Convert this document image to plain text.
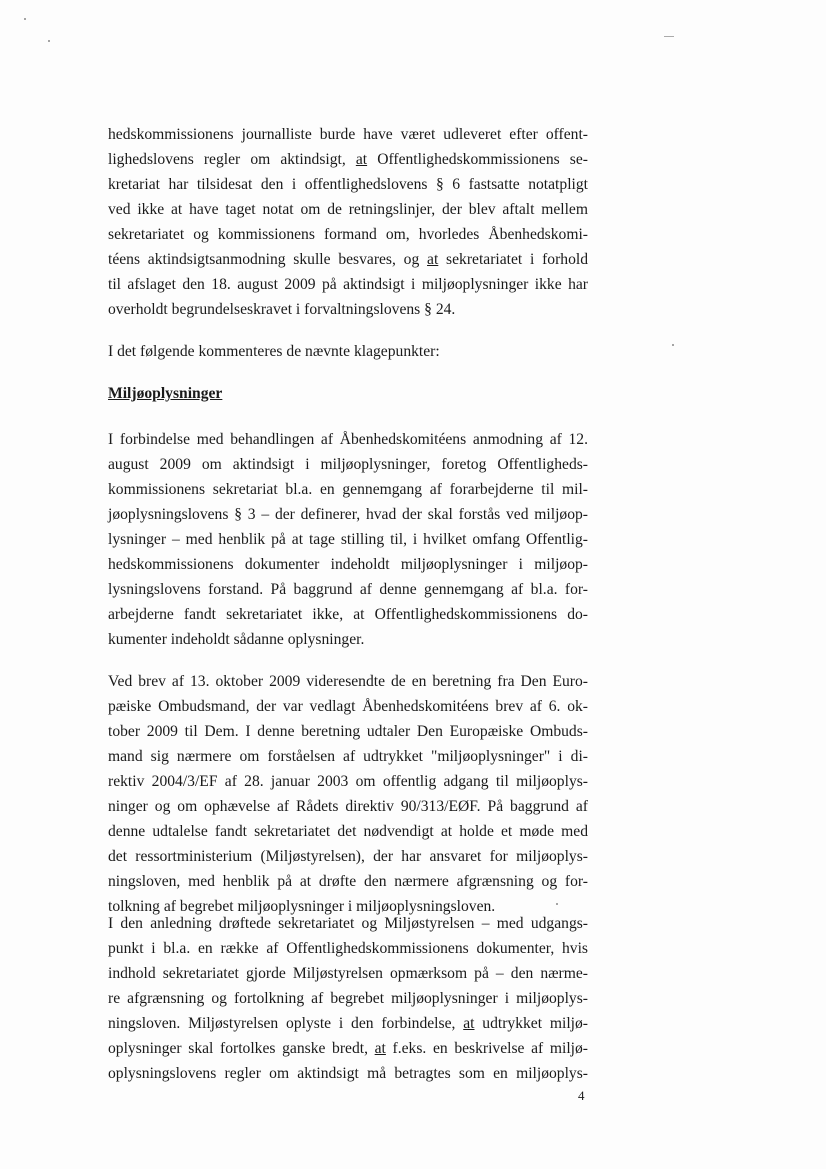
hedskommissionens journalliste burde have været udleveret efter offent-
lighedslovens regler om aktindsigt, at Offentlighedskommissionens se-
kretariat har tilsidesat den i offentlighedslovens § 6 fastsatte notatpligt
ved ikke at have taget notat om de retningslinjer, der blev aftalt mellem
sekretariatet og kommissionens formand om, hvorledes Åbenhedskomi-
téens aktindsigtsanmodning skulle besvares, og at sekretariatet i forhold
til afslaget den 18. august 2009 på aktindsigt i miljøoplysninger ikke har
overholdt begrundelseskravet i forvaltningslovens § 24.
I det følgende kommenteres de nævnte klagepunkter:
Miljøoplysninger
I forbindelse med behandlingen af Åbenhedskomitéens anmodning af 12.
august 2009 om aktindsigt i miljøoplysninger, foretog Offentligheds-
kommissionens sekretariat bl.a. en gennemgang af forarbejderne til mil-
jøoplysningslovens § 3 – der definerer, hvad der skal forstås ved miljøop-
lysninger – med henblik på at tage stilling til, i hvilket omfang Offentlig-
hedskommissionens dokumenter indeholdt miljøoplysninger i miljøop-
lysningslovens forstand. På baggrund af denne gennemgang af bl.a. for-
arbejderne fandt sekretariatet ikke, at Offentlighedskommissionens do-
kumenter indeholdt sådanne oplysninger.
Ved brev af 13. oktober 2009 videresendte de en beretning fra Den Euro-
pæiske Ombudsmand, der var vedlagt Åbenhedskomitéens brev af 6. ok-
tober 2009 til Dem. I denne beretning udtaler Den Europæiske Ombuds-
mand sig nærmere om forståelsen af udtrykket "miljøoplysninger" i di-
rektiv 2004/3/EF af 28. januar 2003 om offentlig adgang til miljøoplys-
ninger og om ophævelse af Rådets direktiv 90/313/EØF. På baggrund af
denne udtalelse fandt sekretariatet det nødvendigt at holde et møde med
det ressortministerium (Miljøstyrelsen), der har ansvaret for miljøoplys-
ningsloven, med henblik på at drøfte den nærmere afgrænsning og for-
tolkning af begrebet miljøoplysninger i miljøoplysningsloven.
I den anledning drøftede sekretariatet og Miljøstyrelsen – med udgangs-
punkt i bl.a. en række af Offentlighedskommissionens dokumenter, hvis
indhold sekretariatet gjorde Miljøstyrelsen opmærksom på – den nærme-
re afgrænsning og fortolkning af begrebet miljøoplysninger i miljøoplys-
ningsloven. Miljøstyrelsen oplyste i den forbindelse, at udtrykket miljø-
oplysninger skal fortolkes ganske bredt, at f.eks. en beskrivelse af miljø-
oplysningslovens regler om aktindsigt må betragtes som en miljøoplys-
4
